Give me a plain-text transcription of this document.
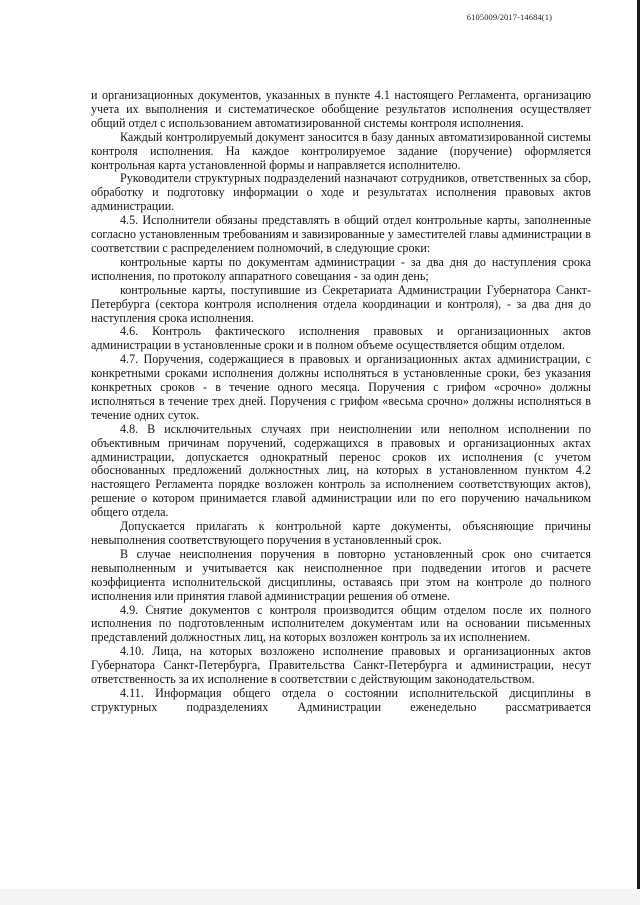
6105009/2017-14684(1)

и организационных документов, указанных в пункте 4.1 настоящего Регламента, организацию учета их выполнения и систематическое обобщение результатов исполнения осуществляет общий отдел с использованием автоматизированной системы контроля исполнения.

Каждый контролируемый документ заносится в базу данных автоматизированной системы контроля исполнения. На каждое контролируемое задание (поручение) оформляется контрольная карта установленной формы и направляется исполнителю.

Руководители структурных подразделений назначают сотрудников, ответственных за сбор, обработку и подготовку информации о ходе и результатах исполнения правовых актов администрации.

4.5. Исполнители обязаны представлять в общий отдел контрольные карты, заполненные согласно установленным требованиям и завизированные у заместителей главы администрации в соответствии с распределением полномочий, в следующие сроки:

контрольные карты по документам администрации - за два дня до наступления срока исполнения, по протоколу аппаратного совещания - за один день;

контрольные карты, поступившие из Секретариата Администрации Губернатора Санкт-Петербурга (сектора контроля исполнения отдела координации и контроля), - за два дня до наступления срока исполнения.

4.6. Контроль фактического исполнения правовых и организационных актов администрации в установленные сроки и в полном объеме осуществляется общим отделом.

4.7. Поручения, содержащиеся в правовых и организационных актах администрации, с конкретными сроками исполнения должны исполняться в установленные сроки, без указания конкретных сроков - в течение одного месяца. Поручения с грифом «срочно» должны исполняться в течение трех дней. Поручения с грифом «весьма срочно» должны исполняться в течение одних суток.

4.8. В исключительных случаях при неисполнении или неполном исполнении по объективным причинам поручений, содержащихся в правовых и организационных актах администрации, допускается однократный перенос сроков их исполнения (с учетом обоснованных предложений должностных лиц, на которых в установленном пунктом 4.2 настоящего Регламента порядке возложен контроль за исполнением соответствующих актов), решение о котором принимается главой администрации или по его поручению начальником общего отдела.

Допускается прилагать к контрольной карте документы, объясняющие причины невыполнения соответствующего поручения в установленный срок.

В случае неисполнения поручения в повторно установленный срок оно считается невыполненным и учитывается как неисполненное при подведении итогов и расчете коэффициента исполнительской дисциплины, оставаясь при этом на контроле до полного исполнения или принятия главой администрации решения об отмене.

4.9. Снятие документов с контроля производится общим отделом после их полного исполнения по подготовленным исполнителем документам или на основании письменных представлений должностных лиц, на которых возложен контроль за их исполнением.

4.10. Лица, на которых возложено исполнение правовых и организационных актов Губернатора Санкт-Петербурга, Правительства Санкт-Петербурга и администрации, несут ответственность за их исполнение в соответствии с действующим законодательством.

4.11. Информация общего отдела о состоянии исполнительской дисциплины в структурных подразделениях Администрации еженедельно рассматривается
